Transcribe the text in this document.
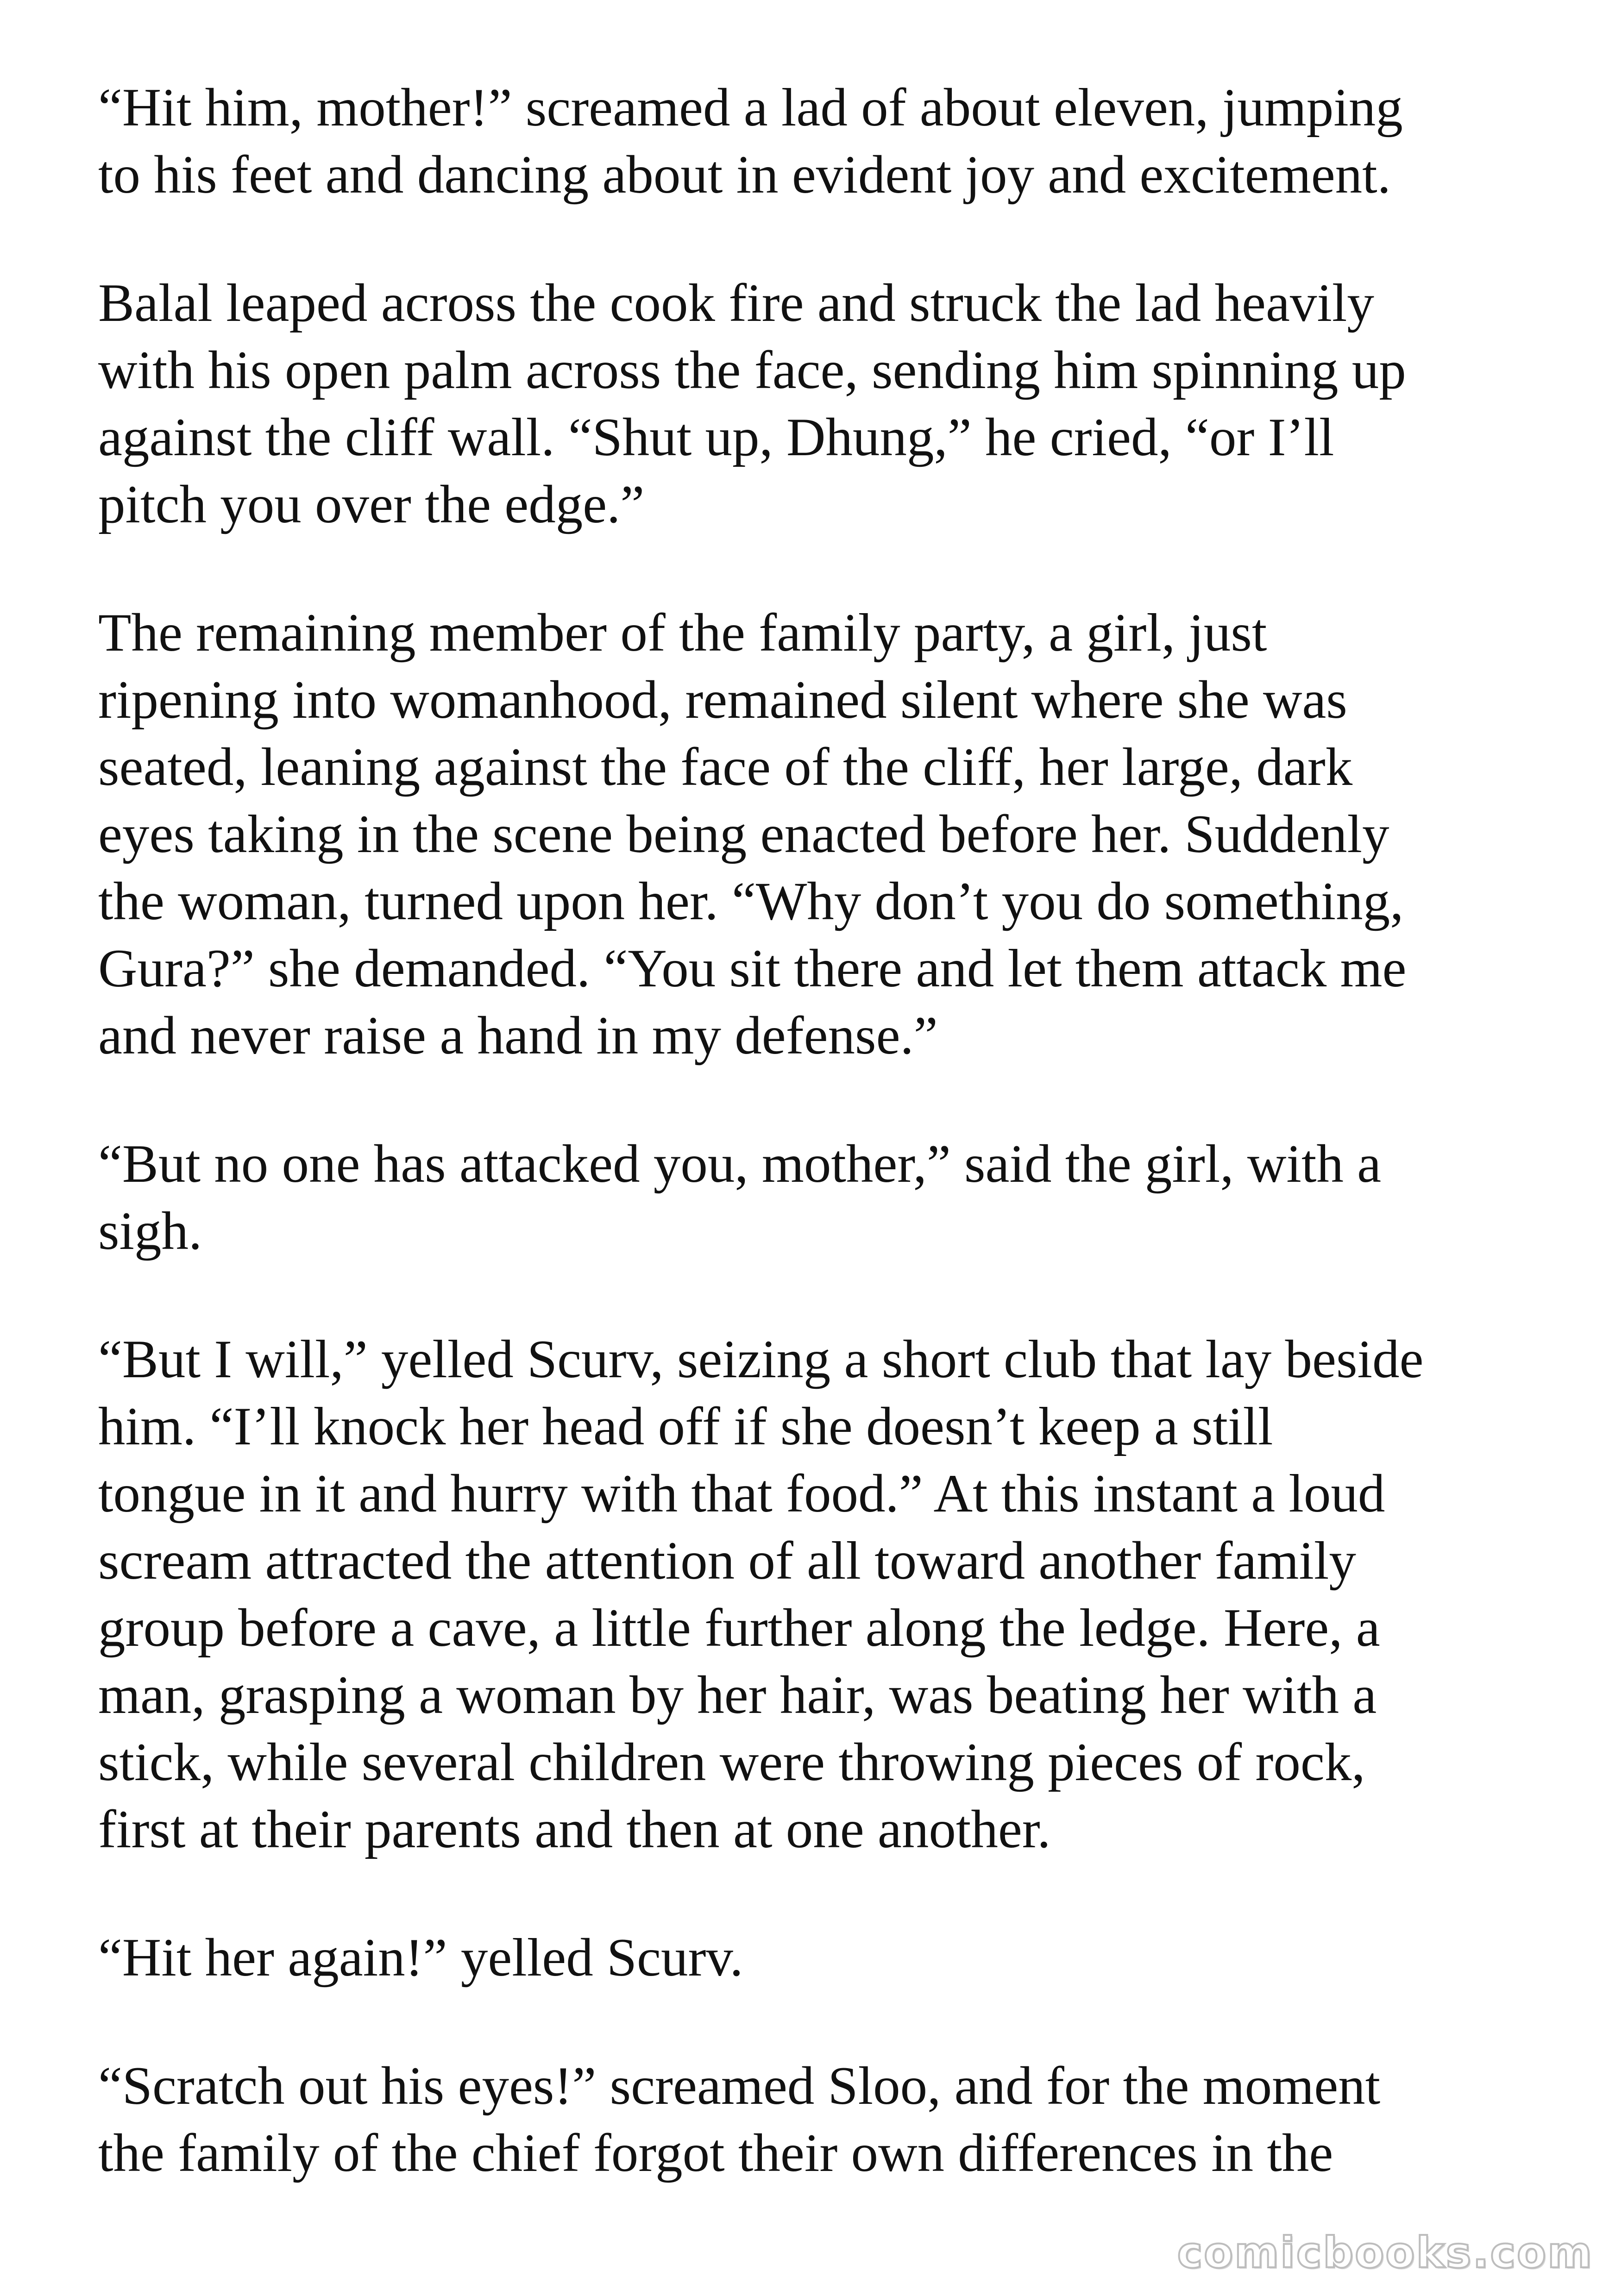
“Hit him, mother!” screamed a lad of about eleven, jumping
to his feet and dancing about in evident joy and excitement.

Balal leaped across the cook fire and struck the lad heavily
with his open palm across the face, sending him spinning up
against the cliff wall. “Shut up, Dhung,” he cried, “or I’ll
pitch you over the edge.”

The remaining member of the family party, a girl, just
ripening into womanhood, remained silent where she was
seated, leaning against the face of the cliff, her large, dark
eyes taking in the scene being enacted before her. Suddenly
the woman, turned upon her. “Why don’t you do something,
Gura?” she demanded. “You sit there and let them attack me
and never raise a hand in my defense.”

“But no one has attacked you, mother,” said the girl, with a
sigh.

“But I will,” yelled Scurv, seizing a short club that lay beside
him. “I’ll knock her head off if she doesn’t keep a still
tongue in it and hurry with that food.” At this instant a loud
scream attracted the attention of all toward another family
group before a cave, a little further along the ledge. Here, a
man, grasping a woman by her hair, was beating her with a
stick, while several children were throwing pieces of rock,
first at their parents and then at one another.

“Hit her again!” yelled Scurv.

“Scratch out his eyes!” screamed Sloo, and for the moment
the family of the chief forgot their own differences in the

comicbooks.com
